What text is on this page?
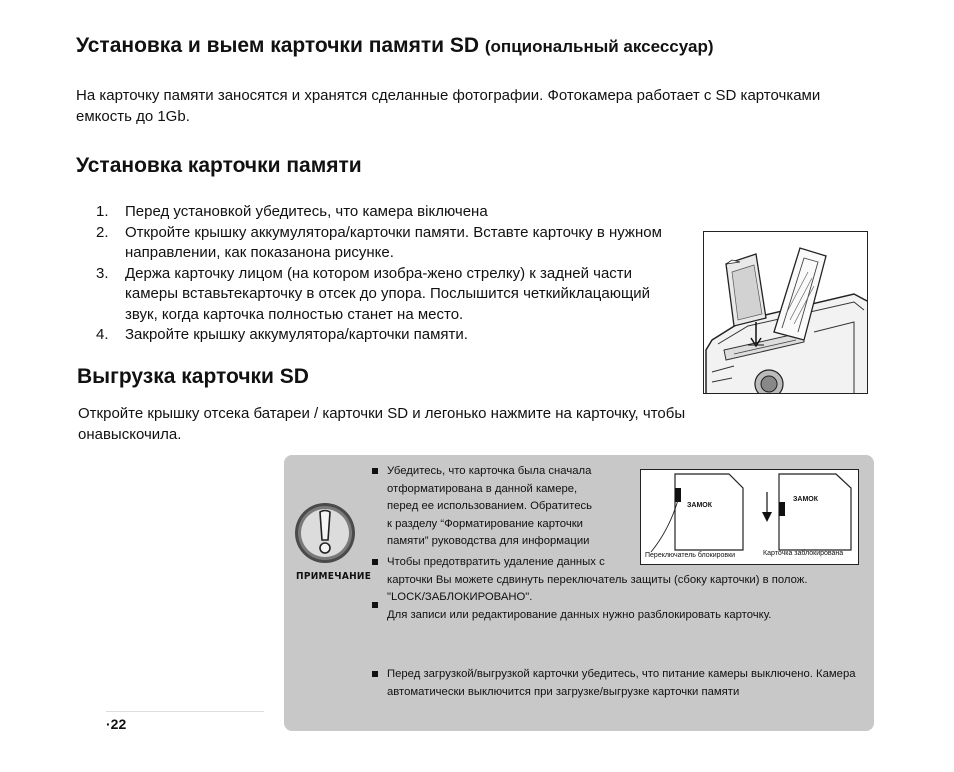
Установка и выем карточки памяти SD (опциональный аксессуар)

На карточку памяти заносятся и хранятся сделанные фотографии. Фотокамера работает с SD карточками емкость до 1Gb.

Установка карточки памяти
1. Перед установкой убедитесь, что камера віключена
2. Откройте крышку аккумулятора/карточки памяти. Вставте карточку в нужном направлении, как показанона рисунке.
3. Держа карточку лицом (на котором изобра-жено стрелку) к задней части камеры вставьтекарточку в отсек до упора. Послышится четкийклацающий звук, когда карточка полностью станет на место.
4. Закройте крышку аккумулятора/карточки памяти.
Выгрузка карточки SD

Откройте крышку отсека батареи / карточки SD и легонько нажмите на карточку, чтобы онавыскочила.

ПРИМЕЧАНИЕ
Убедитесь, что карточка была сначала
отформатирована в данной камере,
перед ее использованием. Обратитесь
к разделу “Форматирование карточки
памяти” руководства для информации
Чтобы предотвратить удаление данных с
карточки Вы можете сдвинуть переключатель защиты (сбоку карточки) в полож.
"LOCK/ЗАБЛОКИРОВАНО".
Для записи или редактирование данных нужно разблокировать карточку.
Перед загрузкой/выгрузкой карточки убедитесь, что питание камеры выключено. Камера
автоматически выключится при загрузке/выгрузке карточки памяти
ЗАМОК
ЗАМОК
Переключатель блокировки	Карточка заблокирована
·22
